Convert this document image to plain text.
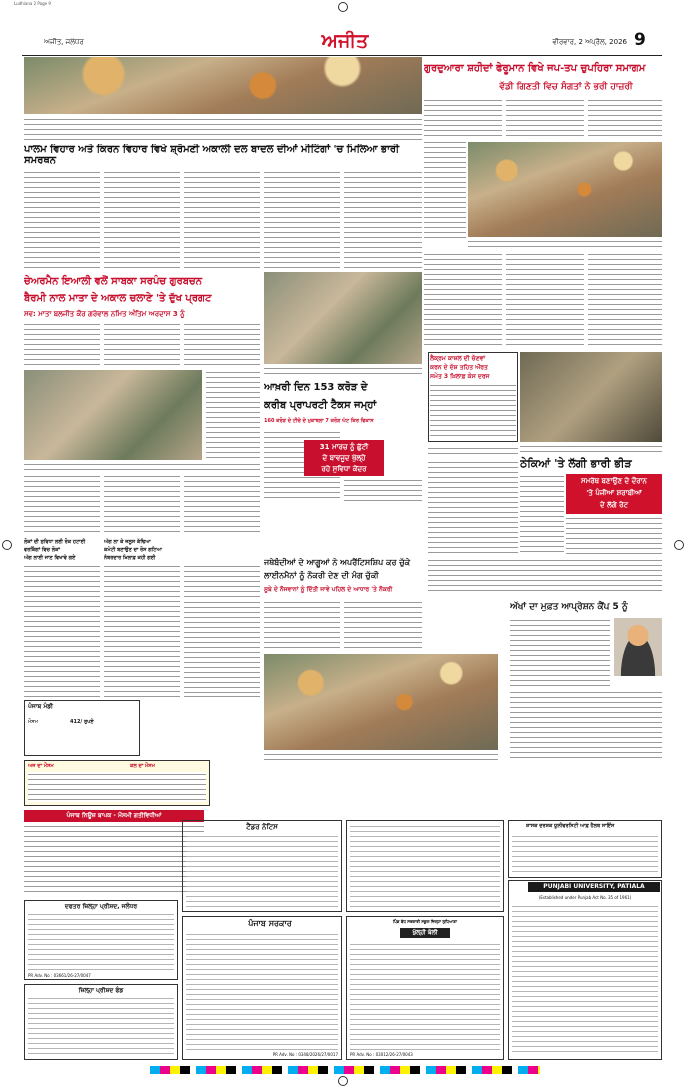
Ludhiana 2 Page 9
ਅਜੀਤ, ਜਲੰਧਰ	ਅਜੀਤ	ਵੀਰਵਾਰ, 2 ਅਪ੍ਰੈਲ, 2026 9
ਗੁਰਦੁਆਰਾ ਸ਼ਹੀਦਾਂ ਫੇਰੂਮਾਨ ਵਿਖੇ ਜਪ-ਤਪ ਚੁਪਹਿਰਾ ਸਮਾਗਮ
ਵੱਡੀ ਗਿਣਤੀ ਵਿਚ ਸੰਗਤਾਂ ਨੇ ਭਰੀ ਹਾਜ਼ਰੀ
ਪਾਲਮ ਵਿਹਾਰ ਅਤੇ ਕਿਰਨ ਵਿਹਾਰ ਵਿਖੇ ਸ਼੍ਰੋਮਣੀ ਅਕਾਲੀ ਦਲ ਬਾਦਲ ਦੀਆਂ ਮੀਟਿੰਗਾਂ 'ਚ ਮਿਲਿਆ ਭਾਰੀ ਸਮਰਥਨ
ਚੇਅਰਮੈਨ ਇਆਲੀ ਵਲੋਂ ਸਾਬਕਾ ਸਰਪੰਚ ਗੁਰਬਚਨ
ਬੈਰਮੀ ਨਾਲ ਮਾਤਾ ਦੇ ਅਕਾਲ ਚਲਾਣੇ 'ਤੇ ਦੁੱਖ ਪ੍ਰਗਟ
ਸਵ: ਮਾਤਾ ਬਲਜੀਤ ਕੌਰ ਗਰੇਵਾਲ ਨਮਿਤ ਅੰਤਿਮ ਅਰਦਾਸ 3 ਨੂੰ
ਆਖ਼ਰੀ ਦਿਨ 153 ਕਰੋੜ ਦੇ
ਕਰੀਬ ਪ੍ਰਾਪਰਟੀ ਟੈਕਸ ਜਮ੍ਹਾਂ
160 ਕਰੋੜ ਦੇ ਟੀਚੇ ਦੇ ਮੁਕਾਬਲਾ 7 ਕਰੋੜ ਘੱਟ ਕਿਰ ਵਿਕਾਸ
31 ਮਾਰਚ ਨੂੰ ਛੁੱਟੀ
ਦੇ ਬਾਵਜੂਦ ਖੁੱਲ੍ਹੇ
ਰਹੇ ਸੁਵਿਧਾ ਕੇਂਦਰ
ਲੈਕ੍ਰਮ ਕਾਜ਼ਲ ਦੀ ਚੋਣਵਾਂ
ਕਰਨ ਦੇ ਦੋਸ਼ ਤਹਿਤ ਔਰਤ
ਸਮੇਤ 3 ਖ਼ਿਲਾਫ਼ ਕੇਸ ਦਰਜ
ਠੇਕਿਆਂ 'ਤੇ ਲੱਗੀ ਭਾਰੀ ਭੀੜ
ਸਮਰੱਥ ਬਣਾਉਣ ਦੇ ਦੌਰਾਨ
'ਤੇ ਪੰਜੀਆਂ ਸ਼ਰਾਬੀਆਂ
ਦੇ ਲੱਗੇ ਰੇਟ
ਲੋਕਾਂ ਦੀ ਸੁਵਿਧਾ ਲਈ ਰੋਕ ਹਟਾਈ
ਵਰਕਿੰਗਾਂ ਵਿਚ ਲੋਕਾਂ
ਅੱਗ ਲਾਈ ਜਾਣ ਵਿਖਾਵੇ ਗਏ
ਅੱਗ ਲਾ ਕੇ ਜਲੂਸ ਕੱਢਿਆ
ਕਮੇਟੀ ਬਣਾਉਣ ਦਾ ਰੋਸ ਗਟਿਆ
ਨੰਬਰਦਾਰ ਖ਼ਿਲਾਫ਼ ਕਹੀ ਗਈ	ਜਥੇਬੰਦੀਆਂ ਦੇ ਆਗੂਆਂ ਨੇ ਅਪਰੈਂਟਿਸਸ਼ਿਪ ਕਰ ਚੁੱਕੇ ਲਾਈਨਮੈਨਾਂ ਨੂੰ ਨੌਕਰੀ ਦੇਣ ਦੀ ਮੰਗ ਚੁੱਕੀ
ਸੂਬੇ ਦੇ ਨੌਜਵਾਨਾਂ ਨੂੰ ਦਿੱਤੀ ਜਾਵੇ ਪਹਿਲ ਦੇ ਆਧਾਰ 'ਤੇ ਨੌਕਰੀ
ਅੱਖਾਂ ਦਾ ਮੁਫ਼ਤ ਆਪ੍ਰੇਸ਼ਨ ਕੈਂਪ 5 ਨੂੰ
ਪੰਜਾਬ ਮੰਡੀ
ਮੌਸਮ	412/ ਰੁਪਏ
ਅਜ ਦਾ ਮੌਸਮ	ਕਲ ਦਾ ਮੌਸਮ
ਪੰਜਾਬ ਨਿਊਜ਼ ਬਾਪਕ - ਮੌਸਮੀ ਗਤੀਵਿਧੀਆਂ
ਦਫਤਰ ਜ਼ਿਲ੍ਹਾ ਪ੍ਰੀਸ਼ਦ, ਜਲੰਧਰ
PR Adv. No : 03661/26-27/0047
ਜ਼ਿਲ੍ਹਾ ਪ੍ਰੀਸ਼ਦ ਫੰਡ
ਟੈਂਡਰ ਨੋਟਿਸ	ਸ਼ਾਸਕ ਦਰਸ਼ਕ ਯੂਨੀਵਰਸਿਟੀ ਆਫ਼ ਹੈਲਥ ਸਾਇੰਸ
PUNJABI UNIVERSITY, PATIALA
(Established under Punjab Act No. 35 of 1961)
ਪੰਜਾਬ ਸਰਕਾਰ
PR Adv. No : 0348/2026/27/0017
ਪਿੰਡ ਬੱਧ ਸਰਕਾਰੀ ਸਕੂਲ ਜ਼ਿਲ੍ਹਾ ਲੁਧਿਆਣਾ
ਖੁੱਲ੍ਹੀ ਬੋਲੀ
PR Adv. No : 03012/26-27/0043
